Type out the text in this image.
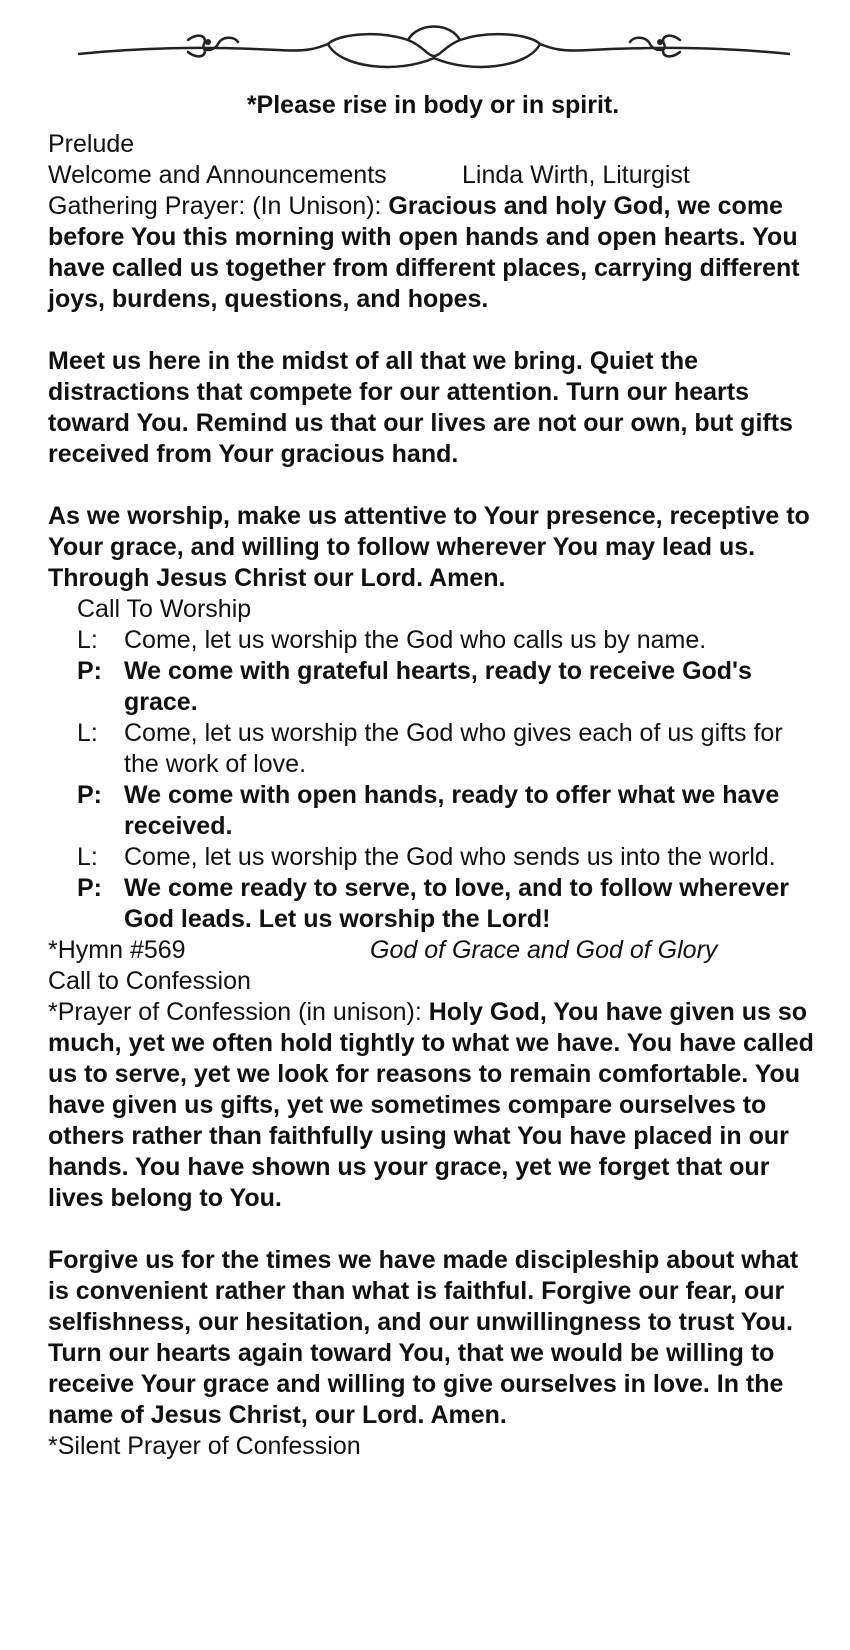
*Please rise in body or in spirit.
Prelude
Welcome and Announcements	Linda Wirth, Liturgist
Gathering Prayer: (In Unison): Gracious and holy God, we come before You this morning with open hands and open hearts. You have called us together from different places, carrying different joys, burdens, questions, and hopes.
Meet us here in the midst of all that we bring. Quiet the distractions that compete for our attention. Turn our hearts toward You. Remind us that our lives are not our own, but gifts received from Your gracious hand.
As we worship, make us attentive to Your presence, receptive to Your grace, and willing to follow wherever You may lead us. Through Jesus Christ our Lord. Amen.
Call To Worship
L:	Come, let us worship the God who calls us by name.
P: We come with grateful hearts, ready to receive God's grace.
L:	Come, let us worship the God who gives each of us gifts for the work of love.
P: We come with open hands, ready to offer what we have received.
L:	Come, let us worship the God who sends us into the world.
P: We come ready to serve, to love, and to follow wherever God leads. Let us worship the Lord!
*Hymn #569	God of Grace and God of Glory
Call to Confession
*Prayer of Confession (in unison): Holy God, You have given us so much, yet we often hold tightly to what we have. You have called us to serve, yet we look for reasons to remain comfortable. You have given us gifts, yet we sometimes compare ourselves to others rather than faithfully using what You have placed in our hands. You have shown us your grace, yet we forget that our lives belong to You.
Forgive us for the times we have made discipleship about what is convenient rather than what is faithful. Forgive our fear, our selfishness, our hesitation, and our unwillingness to trust You. Turn our hearts again toward You, that we would be willing to receive Your grace and willing to give ourselves in love. In the name of Jesus Christ, our Lord. Amen.
*Silent Prayer of Confession
